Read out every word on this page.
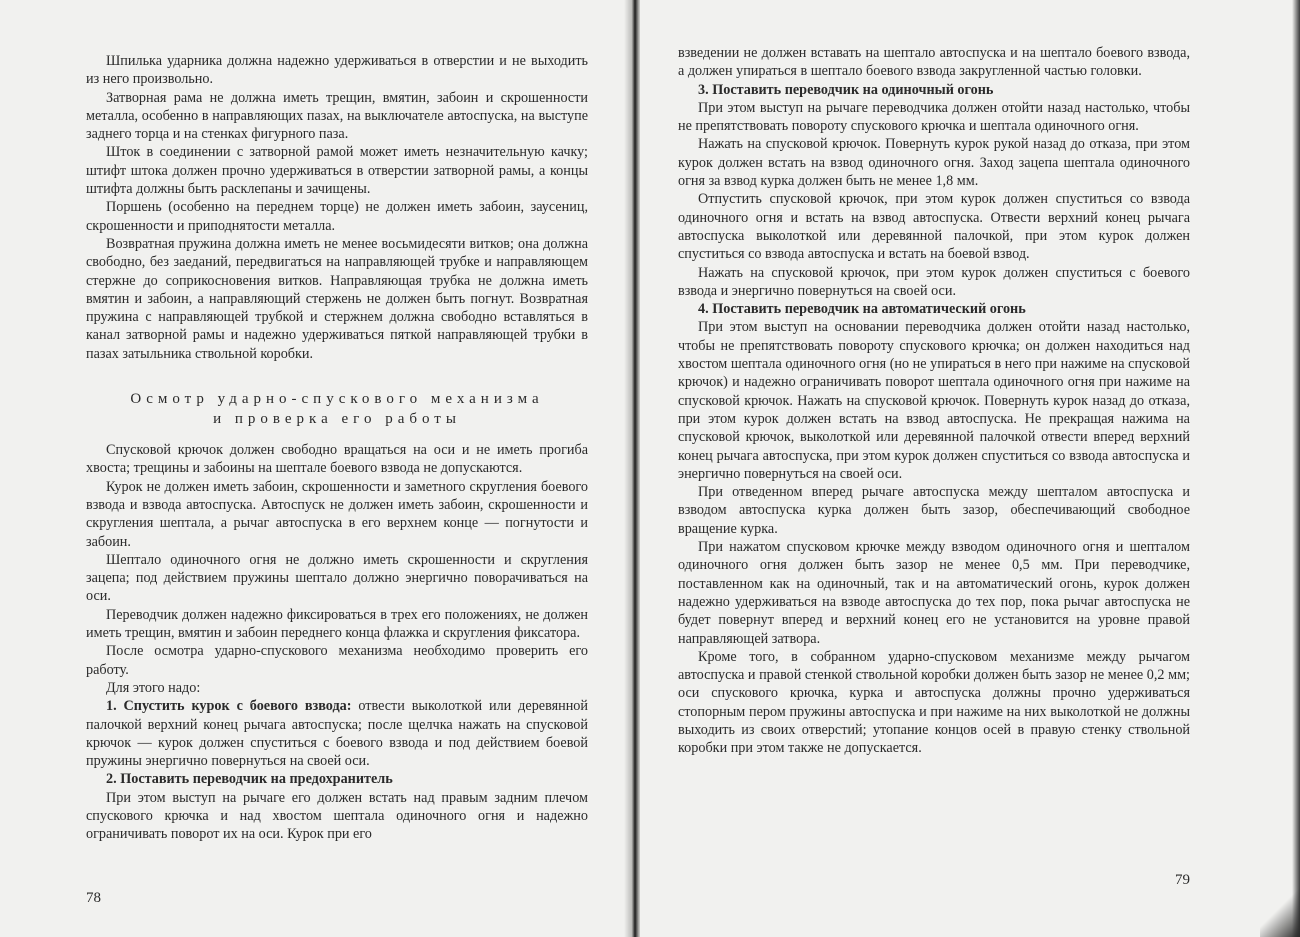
Шпилька ударника должна надежно удерживаться в отверстии и не выходить из него произвольно.

Затворная рама не должна иметь трещин, вмятин, забоин и скрошенности металла, особенно в направляющих пазах, на выключателе автоспуска, на выступе заднего торца и на стенках фигурного паза.

Шток в соединении с затворной рамой может иметь незначительную качку; штифт штока должен прочно удерживаться в отверстии затворной рамы, а концы штифта должны быть расклепаны и зачищены.

Поршень (особенно на переднем торце) не должен иметь забоин, заусениц, скрошенности и приподнятости металла.

Возвратная пружина должна иметь не менее восьмидесяти витков; она должна свободно, без заеданий, передвигаться на направляющей трубке и направляющем стержне до соприкосновения витков. Направляющая трубка не должна иметь вмятин и забоин, а направляющий стержень не должен быть погнут. Возвратная пружина с направляющей трубкой и стержнем должна свободно вставляться в канал затворной рамы и надежно удерживаться пяткой направляющей трубки в пазах затыльника ствольной коробки.

Осмотр ударно-спускового механизма
и проверка его работы

Спусковой крючок должен свободно вращаться на оси и не иметь прогиба хвоста; трещины и забоины на шептале боевого взвода не допускаются.

Курок не должен иметь забоин, скрошенности и заметного скругления боевого взвода и взвода автоспуска. Автоспуск не должен иметь забоин, скрошенности и скругления шептала, а рычаг автоспуска в его верхнем конце — погнутости и забоин.

Шептало одиночного огня не должно иметь скрошенности и скругления зацепа; под действием пружины шептало должно энергично поворачиваться на оси.

Переводчик должен надежно фиксироваться в трех его положениях, не должен иметь трещин, вмятин и забоин переднего конца флажка и скругления фиксатора.

После осмотра ударно-спускового механизма необходимо проверить его работу.

Для этого надо:

1. Спустить курок с боевого взвода: отвести выколоткой или деревянной палочкой верхний конец рычага автоспуска; после щелчка нажать на спусковой крючок — курок должен спуститься с боевого взвода и под действием боевой пружины энергично повернуться на своей оси.

2. Поставить переводчик на предохранитель

При этом выступ на рычаге его должен встать над правым задним плечом спускового крючка и над хвостом шептала одиночного огня и надежно ограничивать поворот их на оси. Курок при его

78

взведении не должен вставать на шептало автоспуска и на шептало боевого взвода, а должен упираться в шептало боевого взвода закругленной частью головки.

3. Поставить переводчик на одиночный огонь

При этом выступ на рычаге переводчика должен отойти назад настолько, чтобы не препятствовать повороту спускового крючка и шептала одиночного огня.

Нажать на спусковой крючок. Повернуть курок рукой назад до отказа, при этом курок должен встать на взвод одиночного огня. Заход зацепа шептала одиночного огня за взвод курка должен быть не менее 1,8 мм.

Отпустить спусковой крючок, при этом курок должен спуститься со взвода одиночного огня и встать на взвод автоспуска. Отвести верхний конец рычага автоспуска выколоткой или деревянной палочкой, при этом курок должен спуститься со взвода автоспуска и встать на боевой взвод.

Нажать на спусковой крючок, при этом курок должен спуститься с боевого взвода и энергично повернуться на своей оси.

4. Поставить переводчик на автоматический огонь

При этом выступ на основании переводчика должен отойти назад настолько, чтобы не препятствовать повороту спускового крючка; он должен находиться над хвостом шептала одиночного огня (но не упираться в него при нажиме на спусковой крючок) и надежно ограничивать поворот шептала одиночного огня при нажиме на спусковой крючок. Нажать на спусковой крючок. Повернуть курок назад до отказа, при этом курок должен встать на взвод автоспуска. Не прекращая нажима на спусковой крючок, выколоткой или деревянной палочкой отвести вперед верхний конец рычага автоспуска, при этом курок должен спуститься со взвода автоспуска и энергично повернуться на своей оси.

При отведенном вперед рычаге автоспуска между шепталом автоспуска и взводом автоспуска курка должен быть зазор, обеспечивающий свободное вращение курка.

При нажатом спусковом крючке между взводом одиночного огня и шепталом одиночного огня должен быть зазор не менее 0,5 мм. При переводчике, поставленном как на одиночный, так и на автоматический огонь, курок должен надежно удерживаться на взводе автоспуска до тех пор, пока рычаг автоспуска не будет повернут вперед и верхний конец его не установится на уровне правой направляющей затвора.

Кроме того, в собранном ударно-спусковом механизме между рычагом автоспуска и правой стенкой ствольной коробки должен быть зазор не менее 0,2 мм; оси спускового крючка, курка и автоспуска должны прочно удерживаться стопорным пером пружины автоспуска и при нажиме на них выколоткой не должны выходить из своих отверстий; утопание концов осей в правую стенку ствольной коробки при этом также не допускается.

79
